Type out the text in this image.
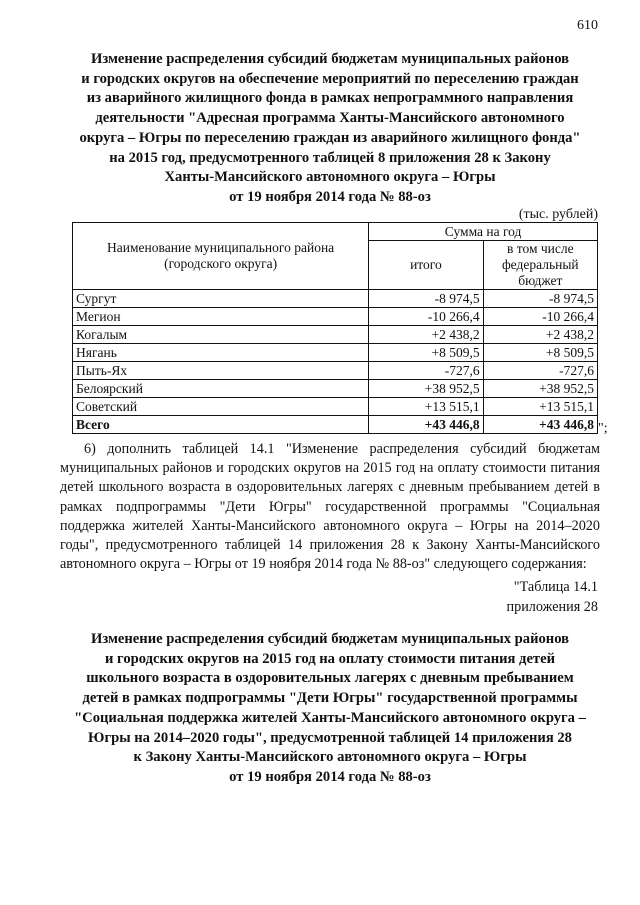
610
Изменение распределения субсидий бюджетам муниципальных районов
и городских округов на обеспечение мероприятий по переселению граждан
из аварийного жилищного фонда в рамках непрограммного направления
деятельности "Адресная программа Ханты-Мансийского автономного
округа – Югры по переселению граждан из аварийного жилищного фонда"
на 2015 год, предусмотренного таблицей 8 приложения 28 к Закону
Ханты-Мансийского автономного округа – Югры
от 19 ноября 2014 года № 88-оз
(тыс. рублей)
Наименование муниципального района (городского округа)	Сумма на год	
	итого	в том числе федеральный бюджет
Сургут	-8 974,5	-8 974,5
Мегион	-10 266,4	-10 266,4
Когалым	+2 438,2	+2 438,2
Нягань	+8 509,5	+8 509,5
Пыть-Ях	-727,6	-727,6
Белоярский	+38 952,5	+38 952,5
Советский	+13 515,1	+13 515,1
Всего	+43 446,8	+43 446,8 ";
6) дополнить таблицей 14.1 "Изменение распределения субсидий бюджетам муниципальных районов и городских округов на 2015 год на оплату стоимости питания детей школьного возраста в оздоровительных лагерях с дневным пребыванием детей в рамках подпрограммы "Дети Югры" государственной программы "Социальная поддержка жителей Ханты-Мансийского автономного округа – Югры на 2014–2020 годы", предусмотренного таблицей 14 приложения 28 к Закону Ханты-Мансийского автономного округа – Югры от 19 ноября 2014 года № 88-оз" следующего содержания:
"Таблица 14.1
приложения 28
Изменение распределения субсидий бюджетам муниципальных районов
и городских округов на 2015 год на оплату стоимости питания детей
школьного возраста в оздоровительных лагерях с дневным пребыванием
детей в рамках подпрограммы "Дети Югры" государственной программы
"Социальная поддержка жителей Ханты-Мансийского автономного округа –
Югры на 2014–2020 годы", предусмотренной таблицей 14 приложения 28
к Закону Ханты-Мансийского автономного округа – Югры
от 19 ноября 2014 года № 88-оз
